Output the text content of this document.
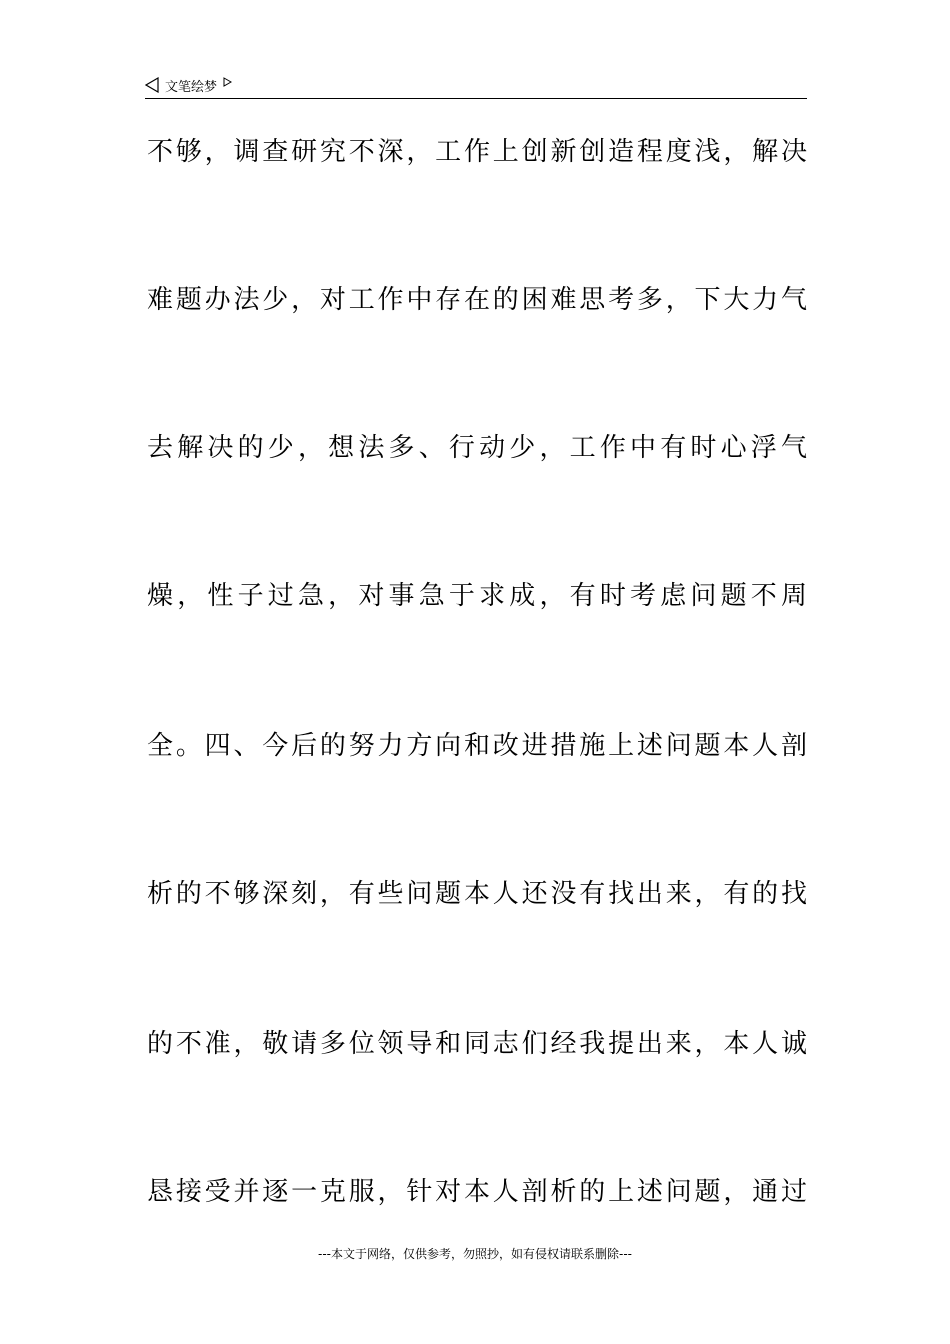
文笔绘梦
不够，调查研究不深，工作上创新创造程度浅，解决
难题办法少，对工作中存在的困难思考多，下大力气
去解决的少，想法多、行动少，工作中有时心浮气
燥，性子过急，对事急于求成，有时考虑问题不周
全。四、今后的努力方向和改进措施上述问题本人剖
析的不够深刻，有些问题本人还没有找出来，有的找
的不准，敬请多位领导和同志们经我提出来，本人诚
恳接受并逐一克服，针对本人剖析的上述问题，通过
---本文于网络，仅供参考，勿照抄，如有侵权请联系删除---
